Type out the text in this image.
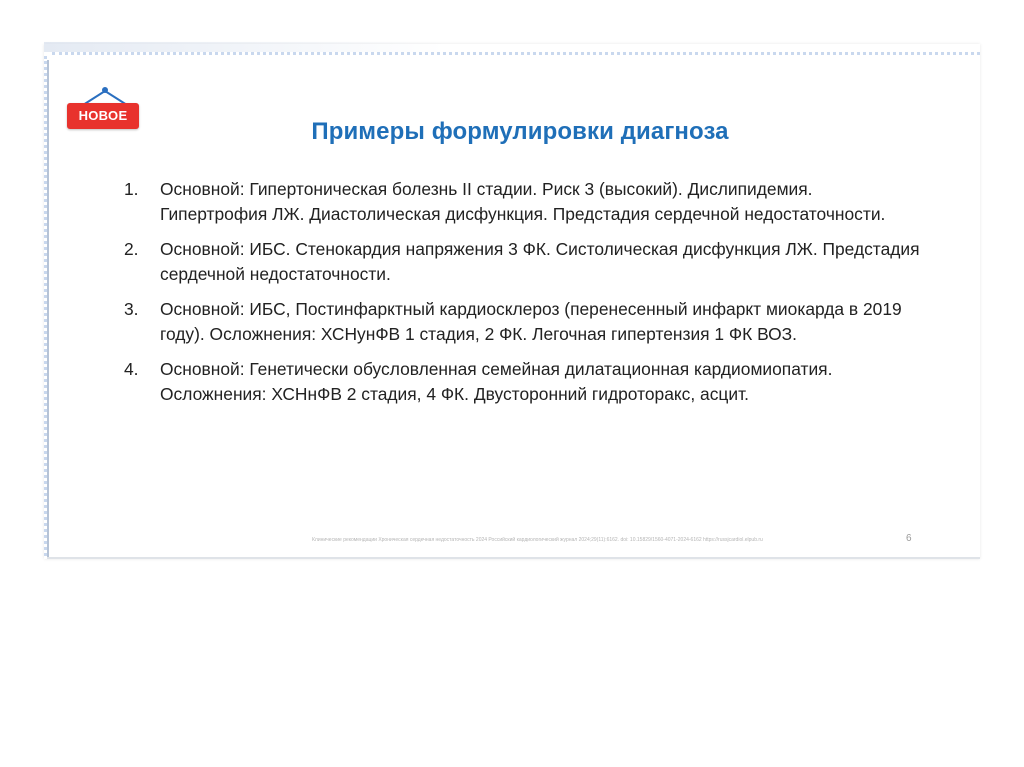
НОВОЕ
Примеры формулировки диагноза
1. Основной: Гипертоническая болезнь II стадии. Риск 3 (высокий). Дислипидемия. Гипертрофия ЛЖ. Диастолическая дисфункция. Предстадия сердечной недостаточности.
2. Основной: ИБС. Стенокардия напряжения 3 ФК. Систолическая дисфункция ЛЖ. Предстадия сердечной недостаточности.
3. Основной: ИБС, Постинфарктный кардиосклероз (перенесенный инфаркт миокарда в 2019 году). Осложнения: ХСНунФВ 1 стадия, 2 ФК. Легочная гипертензия 1 ФК ВОЗ.
4. Основной: Генетически обусловленная семейная дилатационная кардиомиопатия. Осложнения: ХСНнФВ 2 стадия, 4 ФК. Двусторонний гидроторакс, асцит.
Клинические рекомендации Хроническая сердечная недостаточность 2024 Российский кардиологический журнал 2024;29(11):6162. doi: 10.15829/1560-4071-2024-6162 https://russjcardiol.elpub.ru	6
